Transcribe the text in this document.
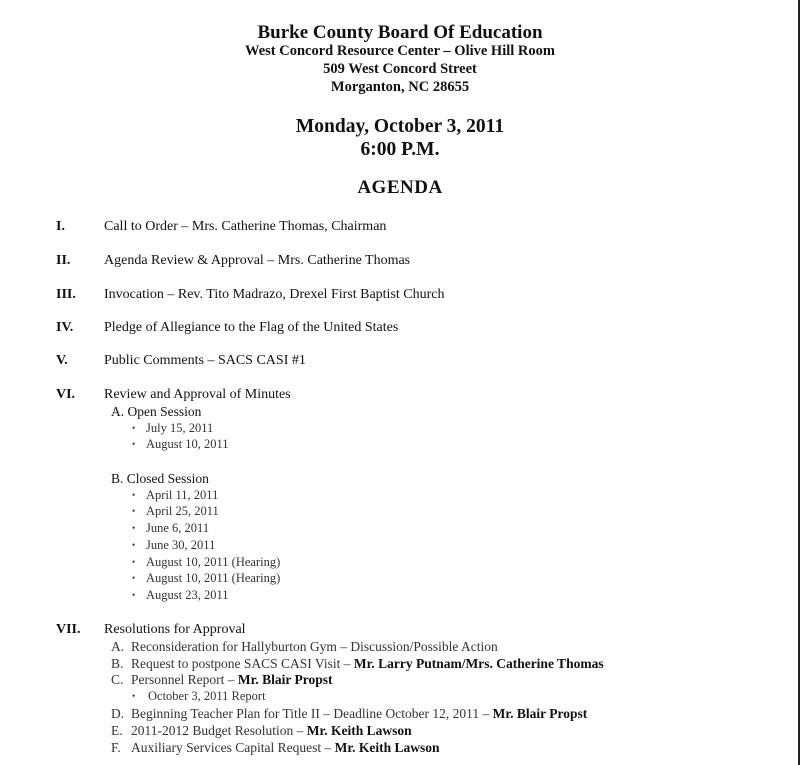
Burke County Board Of Education
West Concord Resource Center – Olive Hill Room
509 West Concord Street
Morganton, NC 28655
Monday, October 3, 2011
6:00 P.M.
AGENDA
I.	Call to Order – Mrs. Catherine Thomas, Chairman
II. Agenda Review & Approval – Mrs. Catherine Thomas
III. Invocation – Rev. Tito Madrazo, Drexel First Baptist Church
IV. Pledge of Allegiance to the Flag of the United States
V.	Public Comments – SACS CASI #1
VI. Review and Approval of Minutes
A. Open Session
• July 15, 2011
• August 10, 2011
B. Closed Session
• April 11, 2011
• April 25, 2011
• June 6, 2011
• June 30, 2011
• August 10, 2011 (Hearing)
• August 10, 2011 (Hearing)
• August 23, 2011
VII. Resolutions for Approval
A. Reconsideration for Hallyburton Gym – Discussion/Possible Action
B. Request to postpone SACS CASI Visit – Mr. Larry Putnam/Mrs. Catherine Thomas
C. Personnel Report – Mr. Blair Propst
• October 3, 2011 Report
D. Beginning Teacher Plan for Title II – Deadline October 12, 2011 – Mr. Blair Propst
E. 2011-2012 Budget Resolution – Mr. Keith Lawson
F. Auxiliary Services Capital Request – Mr. Keith Lawson
